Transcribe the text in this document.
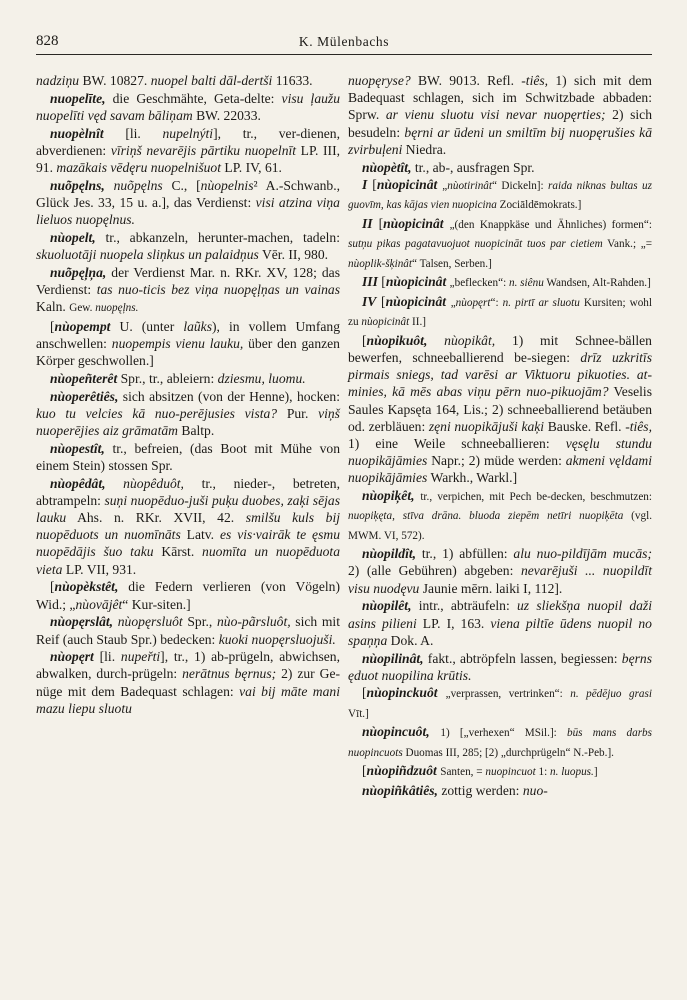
828	K. Mülenbachs

nadziņu BW. 10827. nuopel balti dāl-dertši 11633.

nuopelīte, die Geschmähte, Geta-delte: visu ļaužu nuopelīti vęd savam bāliņam BW. 22033.

nuopèlnît [li. nupelnýti], tr., ver-dienen, abverdienen: vīriņš nevarējis pārtiku nuopelnīt LP. III, 91. mazākais vēdęru nuopelnišuot LP. IV, 61.

nuõpęlns, nuõpęlns C., [nùopelnis² A.-Schwanb., Glück Jes. 33, 15 u. a.], das Verdienst: visi atzina viņa lieluos nuopęlnus.

nùopelt, tr., abkanzeln, herunter-machen, tadeln: skuoluotāji nuopela sliņkus un palaidņus Vēr. II, 980.

nuõpęļņa, der Verdienst Mar. n. RKr. XV, 128; das Verdienst: tas nuo-ticis bez viņa nuopęļņas un vainas Kaln. Gew. nuopęļns.

[nùopempt U. (unter laũks), in vollem Umfang anschwellen: nuopempis vienu lauku, über den ganzen Körper geschwollen.]

nùopeñterêt Spr., tr., ableiern: dziesmu, luomu.

nùoperêtiês, sich absitzen (von der Henne), hocken: kuo tu velcies kā nuo-perējusies vista? Pur. viņš nuoperējies aiz grāmatām Baltp.

nùopestît, tr., befreien, (das Boot mit Mühe von einem Stein) stossen Spr.

nùopêdât, nùopêduôt, tr., nieder-, betreten, abtrampeln: suņi nuopēduo-juši puķu duobes, zaķi sējas lauku Ahs. n. RKr. XVII, 42. smilšu kuls bij nuopēduots un nuomīnāts Latv. es vis·vairāk te ęsmu nuopēdājis šuo taku Kārst. nuomīta un nuopēduota vieta LP. VII, 931.

[nùopèkstêt, die Federn verlieren (von Vögeln) Wid.; „nùovājêt“ Kur-siten.]

nùopęrslât, nùopęrsluôt Spr., nùo-pãrsluôt, sich mit Reif (auch Staub Spr.) bedecken: kuoki nuopęrsluojuši.

nùopęrt [li. nupeřti], tr., 1) ab-prügeln, abwichsen, abwalken, durch-prügeln: nerātnus bęrnus; 2) zur Ge-nüge mit dem Badequast schlagen: vai bij māte mani mazu liepu sluotu

nuopęrуse? BW. 9013. Refl. -tiês, 1) sich mit dem Badequast schlagen, sich im Schwitzbade abbaden: Sprw. ar vienu sluotu visi nevar nuopęrties; 2) sich besudeln: bęrni ar ūdeni un smiltīm bij nuopęrušies kā zvirbuļeni Niedra.

nùopètît, tr., ab-, ausfragen Spr.

I [nùopicinât „nùotirinât“ Dickeln]: raida niknas bultas uz guovīm, kas kājas vien nuopicina Zociāldēmokrats.]

II [nùopicinât „(den Knappkäse und Ähnliches) formen“: sutņu pikas pagatavuojuot nuopicināt tuos par cietiem Vank.; „= nùoplik-šķinât“ Talsen, Serben.]

III [nùopicinât „beflecken“: n. siênu Wandsen, Alt-Rahden.]

IV [nùopicinât „nùopęrt“: n. pirtī ar sluotu Kursiten; wohl zu nùopicinât II.]

[nùopikuôt, nùopikât, 1) mit Schnee-bällen bewerfen, schneeballierend be-siegen: drīz uzkritīs pirmais sniegs, tad varēsi ar Viktuoru pikuoties. at-minies, kā mēs abas viņu pērn nuo-pikuojām? Veselis Saules Kapsęta 164, Lis.; 2) schneeballierend betäuben od. zerbläuen: zęni nuopikājuši kaķi Bauske. Refl. -tiês, 1) eine Weile schneeballieren: vęsęlu stundu nuopikājāmies Napr.; 2) müde werden: akmeni vęldami nuopikājāmies Warkh., Warkl.]

nùopiķêt, tr., verpichen, mit Pech be-decken, beschmutzen: nuopiķęta, stīva drāna. bluoda ziepēm netīri nuopiķēta (vgl. MWM. VI, 572).

nùopildît, tr., 1) abfüllen: alu nuo-pildījām mucās; 2) (alle Gebühren) abgeben: nevarējuši ... nuopildīt visu nuodęvu Jaunie mērn. laiki I, 112].

nùopilêt, intr., abträufeln: uz sliekšņa nuopil daži asins pilieni LP. I, 163. viena piltīe ūdens nuopil no spaņņa Dok. A.

nùopilinât, fakt., abtröpfeln lassen, begiessen: bęrns ęduot nuopilina krūtis.

[nùopinckuôt „verprassen, vertrinken“: n. pēdējuo grasi Vīt.]

nùopincuôt, 1) [„verhexen“ MSil.]: būs mans darbs nuopincuots Duomas III, 285; [2) „durchprügeln“ N.-Peb.].

[nùopiñdzuôt Santen, = nuopincuot 1: n. luopus.]

nùopiñkâtiês, zottig werden: nuo-
